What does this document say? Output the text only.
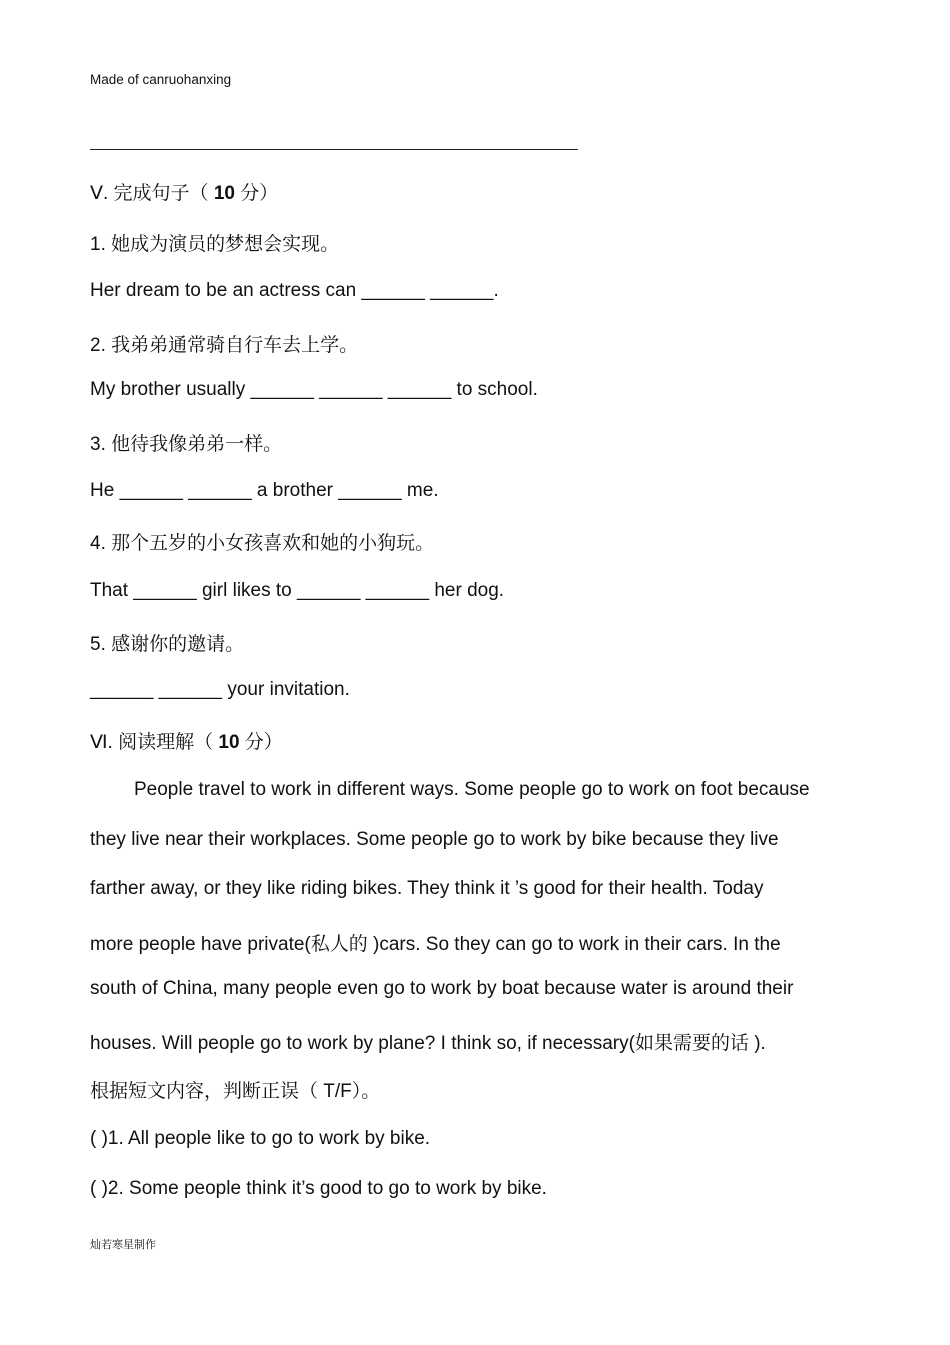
Made of canruohanxing
Ⅴ. 完成句子（ 10 分）
1. 她成为演员的梦想会实现。
Her dream to be an actress can ______ ______.
2. 我弟弟通常骑自行车去上学。
My brother usually ______ ______ ______ to school.
3. 他待我像弟弟一样。
He ______ ______ a brother ______ me.
4. 那个五岁的小女孩喜欢和她的小狗玩。
That ______ girl likes to ______ ______ her dog.
5. 感谢你的邀请。
______ ______ your invitation.
Ⅵ. 阅读理解（ 10 分）
People travel to work in different ways. Some people go to work on foot because
they live near their workplaces. Some people go to work by bike because they live
farther away, or they like riding bikes. They think it ’s good for their health. Today
more people have private(私人的 )cars. So they can go to work in their cars. In the
south of China, many people even go to work by boat because water is around their
houses. Will people go to work by plane? I think so, if necessary(如果需要的话 ).
根据短文内容，判断正误（ T/F）。
( )1. All people like to go to work by bike.
( )2. Some people think it’s good to go to work by bike.
灿若寒星制作
